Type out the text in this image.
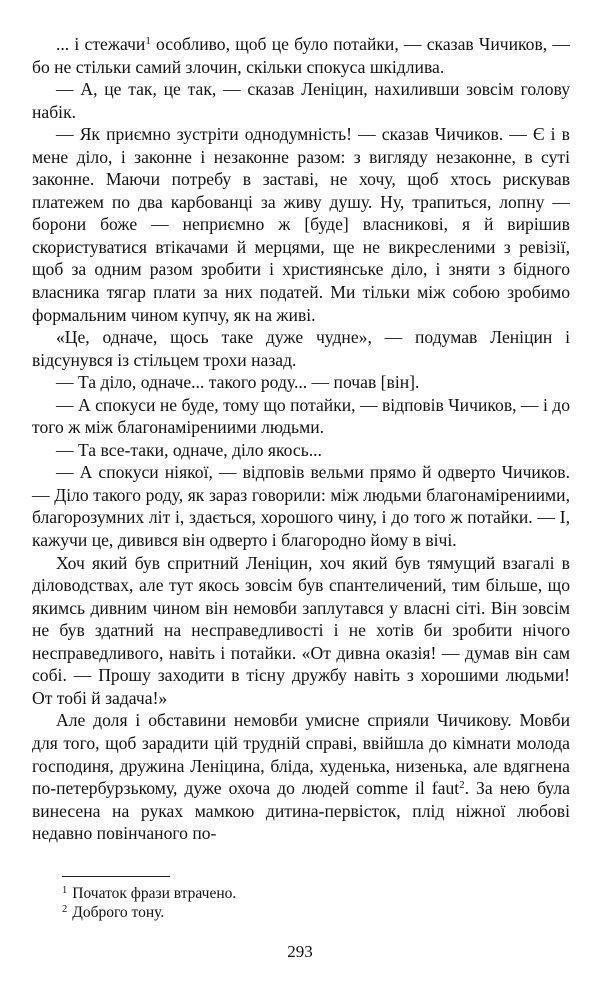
... і стежачи$^1$ особливо, щоб це було потайки, — сказав Чичиков, — бо не стільки самий злочин, скільки спокуса шкідлива.

— А, це так, це так, — сказав Леніцин, нахиливши зовсім голову набік.

— Як приємно зустріти однодумність! — сказав Чичиков. — Є і в мене діло, і законне і незаконне разом: з вигляду незаконне, в суті законне. Маючи потребу в заставі, не хочу, щоб хтось рискував платежем по два карбованці за живу душу. Ну, трапиться, лопну — борони боже — неприємно ж [буде] власникові, я й вирішив скористуватися втікачами й мерцями, ще не викресленими з ревізії, щоб за одним разом зробити і християнське діло, і зняти з бідного власника тягар плати за них податей. Ми тільки між собою зробимо формальним чином купчу, як на живі.

«Це, одначе, щось таке дуже чудне», — подумав Леніцин і відсунувся із стільцем трохи назад.

— Та діло, одначе... такого роду... — почав [він].

— А спокуси не буде, тому що потайки, — відповів Чичиков, — і до того ж між благонамірениими людьми.

— Та все-таки, одначе, діло якось...

— А спокуси ніякої, — відповів вельми прямо й одверто Чичиков. — Діло такого роду, як зараз говорили: між людьми благонамірениими, благорозумних літ і, здається, хорошого чину, і до того ж потайки. — І, кажучи це, дивився він одверто і благородно йому в вічі.

Хоч який був спритний Леніцин, хоч який був тямущий взагалі в діловодствах, але тут якось зовсім був спантеличений, тим більше, що якимсь дивним чином він немовби заплутався у власні сіті. Він зовсім не був здатний на несправедливості і не хотів би зробити нічого несправедливого, навіть і потайки. «От дивна оказія! — думав він сам собі. — Прошу заходити в тісну дружбу навіть з хорошими людьми! От тобі й задача!»

Але доля і обставини немовби умисне сприяли Чичикову. Мовби для того, щоб зарадити цій трудній справі, ввійшла до кімнати молода господиня, дружина Леніцина, бліда, худенька, низенька, але вдягнена по-петербурзькому, дуже охоча до людей comme il faut$^2$. За нею була винесена на руках мамкою дитина-первісток, плід ніжної любові недавно повінчаного по-

$^1$ Початок фрази втрачено.
$^2$ Доброго тону.
293
